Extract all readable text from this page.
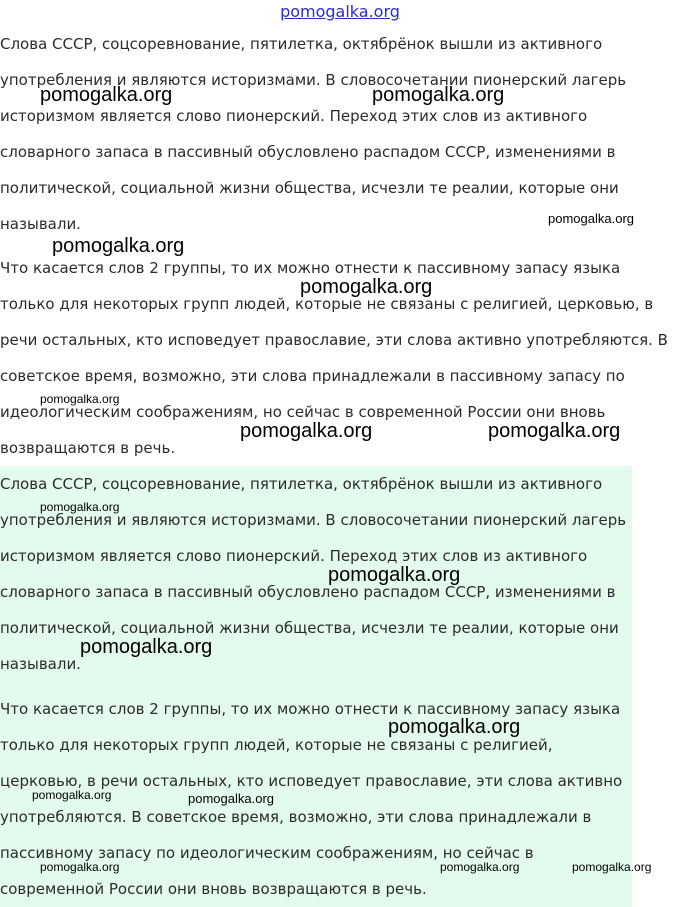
pomogalka.org

Слова СССР, соцсоревнование, пятилетка, октябрёнок вышли из активного употребления и являются историзмами. В словосочетании пионерский лагерь историзмом является слово пионерский. Переход этих слов из активного словарного запаса в пассивный обусловлено распадом СССР, изменениями в политической, социальной жизни общества, исчезли те реалии, которые они называли.

Что касается слов 2 группы, то их можно отнести к пассивному запасу языка только для некоторых групп людей, которые не связаны с религией, церковью, в речи остальных, кто исповедует православие, эти слова активно употребляются. В советское время, возможно, эти слова принадлежали в пассивному запасу по идеологическим соображениям, но сейчас в современной России они вновь возвращаются в речь.

Слова СССР, соцсоревнование, пятилетка, октябрёнок вышли из активного употребления и являются историзмами. В словосочетании пионерский лагерь историзмом является слово пионерский. Переход этих слов из активного словарного запаса в пассивный обусловлено распадом СССР, изменениями в политической, социальной жизни общества, исчезли те реалии, которые они называли.

Что касается слов 2 группы, то их можно отнести к пассивному запасу языка только для некоторых групп людей, которые не связаны с религией, церковью, в речи остальных, кто исповедует православие, эти слова активно употребляются. В советское время, возможно, эти слова принадлежали в пассивному запасу по идеологическим соображениям, но сейчас в современной России они вновь возвращаются в речь.

pomogalka.org	pomogalka.org
pomogalka.org
pomogalka.org
pomogalka.org
pomogalka.org
pomogalka.org	pomogalka.org
pomogalka.org
pomogalka.org
pomogalka.org
pomogalka.org
pomogalka.org	pomogalka.org
pomogalka.org	pomogalka.org	pomogalka.org
